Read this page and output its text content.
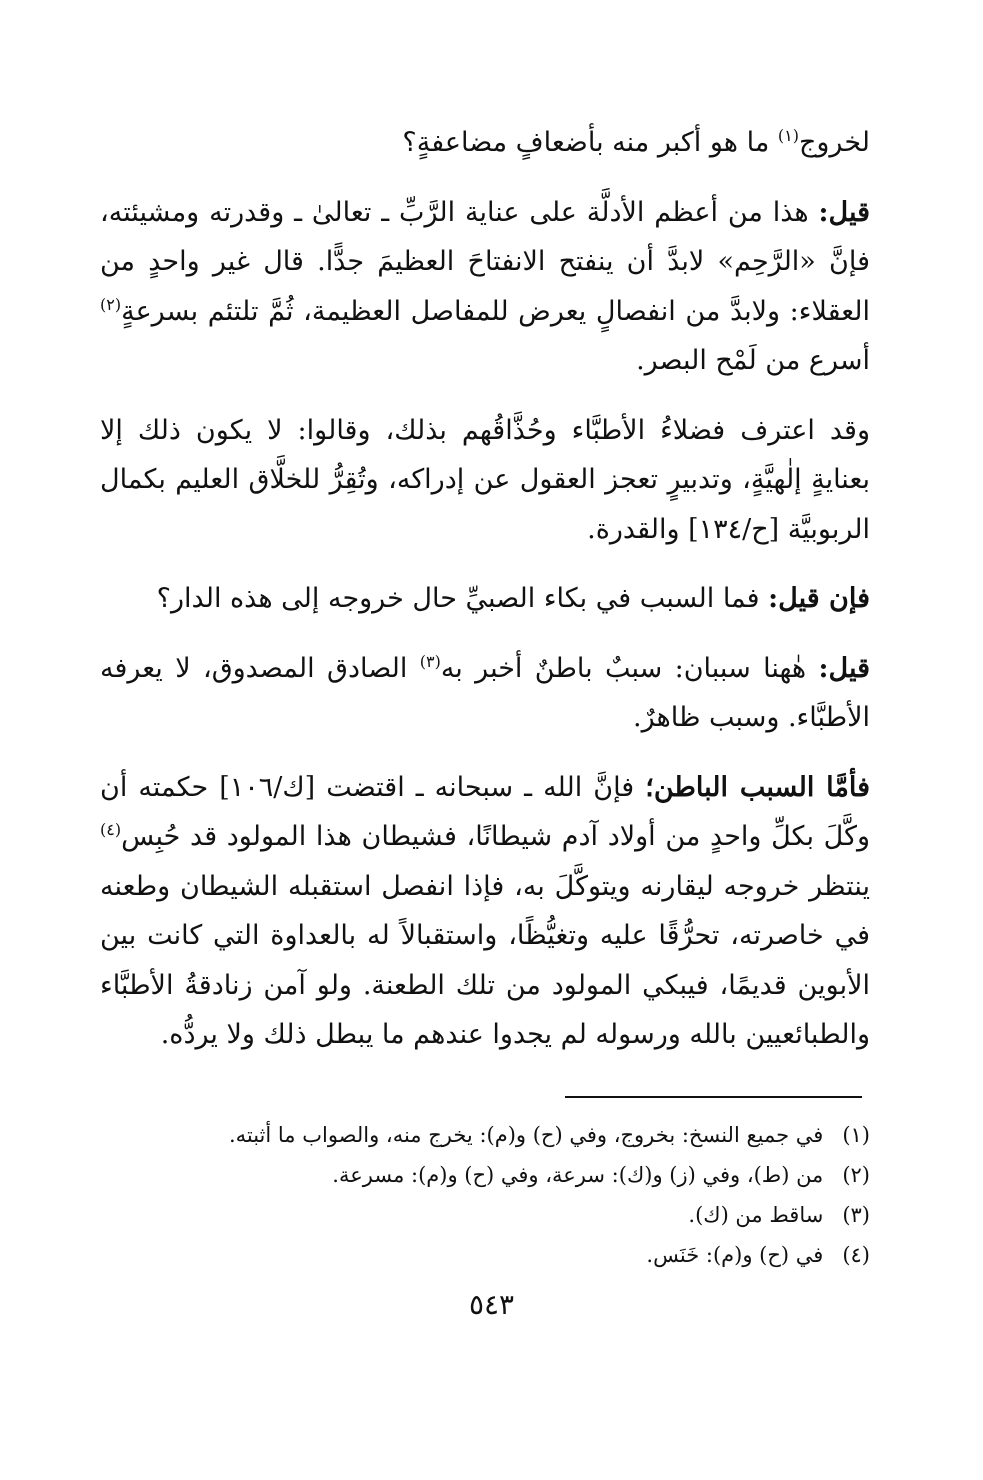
لخروج$^{(١)}$ ما هو أكبر منه بأضعافٍ مضاعفةٍ؟

قيل: هذا من أعظم الأدلَّة على عناية الرَّبِّ ـ تعالىٰ ـ وقدرته ومشيئته، فإنَّ «الرَّحِم» لابدَّ أن ينفتح الانفتاحَ العظيمَ جدًّا. قال غير واحدٍ من العقلاء: ولابدَّ من انفصالٍ يعرض للمفاصل العظيمة، ثُمَّ تلتئم بسرعةٍ$^{(٢)}$ أسرع من لَمْح البصر.

وقد اعترف فضلاءُ الأطبَّاء وحُذَّاقُهم بذلك، وقالوا: لا يكون ذلك إلا بعنايةٍ إلٰهيَّةٍ، وتدبيرٍ تعجز العقول عن إدراكه، وتُقِرُّ للخلَّاق العليم بكمال الربوبيَّة [ح/١٣٤] والقدرة.

فإن قيل: فما السبب في بكاء الصبيِّ حال خروجه إلى هذه الدار؟

قيل: هٰهنا سببان: سببٌ باطنٌ أخبر به$^{(٣)}$ الصادق المصدوق، لا يعرفه الأطبَّاء. وسبب ظاهرٌ.

فأمَّا السبب الباطن؛ فإنَّ الله ـ سبحانه ـ اقتضت [ك/١٠٦] حكمته أن وكَّلَ بكلِّ واحدٍ من أولاد آدم شيطانًا، فشيطان هذا المولود قد حُبِس$^{(٤)}$ ينتظر خروجه ليقارنه ويتوكَّلَ به، فإذا انفصل استقبله الشيطان وطعنه في خاصرته، تحرُّقًا عليه وتغيُّظًا، واستقبالاً له بالعداوة التي كانت بين الأبوين قديمًا، فيبكي المولود من تلك الطعنة. ولو آمن زنادقةُ الأطبَّاء والطبائعيين بالله ورسوله لم يجدوا عندهم ما يبطل ذلك ولا يردُّه.

(١) في جميع النسخ: بخروج، وفي (ح) و(م): يخرج منه، والصواب ما أثبته.
(٢) من (ط)، وفي (ز) و(ك): سرعة، وفي (ح) و(م): مسرعة.
(٣) ساقط من (ك).
(٤) في (ح) و(م): خَنَس.
٥٤٣
